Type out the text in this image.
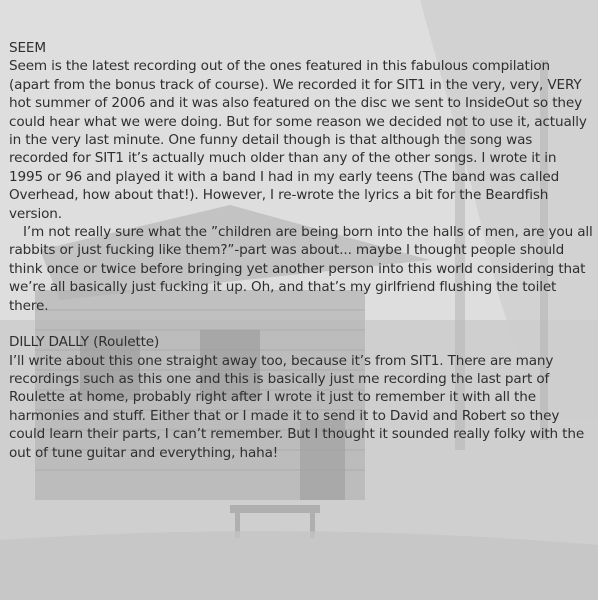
SEEM

Seem is the latest recording out of the ones featured in this fabulous compilation (apart from the bonus track of course). We recorded it for SIT1 in the very, very, VERY hot summer of 2006 and it was also featured on the disc we sent to InsideOut so they could hear what we were doing. But for some reason we decided not to use it, actually in the very last minute. One funny detail though is that although the song was recorded for SIT1 it’s actually much older than any of the other songs. I wrote it in 1995 or 96 and played it with a band I had in my early teens (The band was called Overhead, how about that!). However, I re-wrote the lyrics a bit for the Beardfish version.

I’m not really sure what the ”children are being born into the halls of men, are you all rabbits or just fucking like them?”-part was about... maybe I thought people should think once or twice before bringing yet another person into this world considering that we’re all basically just fucking it up. Oh, and that’s my girlfriend flushing the toilet there.

DILLY DALLY (Roulette)

I’ll write about this one straight away too, because it’s from SIT1. There are many recordings such as this one and this is basically just me recording the last part of Roulette at home, probably right after I wrote it just to remember it with all the harmonies and stuff. Either that or I made it to send it to David and Robert so they could learn their parts, I can’t remember. But I thought it sounded really folky with the out of tune guitar and everything, haha!
